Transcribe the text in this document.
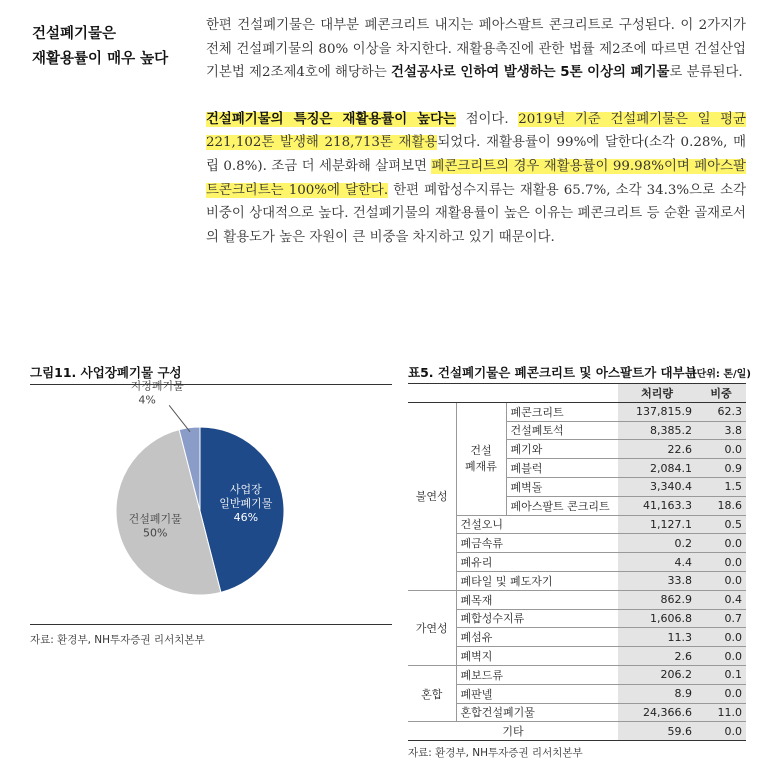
건설폐기물은
재활용률이 매우 높다

한편 건설폐기물은 대부분 폐콘크리트 내지는 페아스팔트 콘크리트로 구성된다. 이 2가지가 전체 건설폐기물의 80% 이상을 차지한다. 재활용촉진에 관한 법률 제2조에 따르면 건설산업기본법 제2조제4호에 해당하는 건설공사로 인하여 발생하는 5톤 이상의 폐기물로 분류된다.

건설폐기물의 특징은 재활용률이 높다는 점이다. 2019년 기준 건설폐기물은 일 평균 221,102톤 발생해 218,713톤 재활용되었다. 재활용률이 99%에 달한다(소각 0.28%, 매립 0.8%). 조금 더 세분화해 살펴보면 폐콘크리트의 경우 재활용률이 99.98%이며 페아스팔트콘크리트는 100%에 달한다. 한편 폐합성수지류는 재활용 65.7%, 소각 34.3%으로 소각 비중이 상대적으로 높다. 건설폐기물의 재활용률이 높은 이유는 폐콘크리트 등 순환 골재로서의 활용도가 높은 자원이 큰 비중을 차지하고 있기 때문이다.

그림11. 사업장폐기물 구성
사업장
일반폐기물
46%
건설폐기물
50%
지정폐기물
4%
자료: 환경부, NH투자증권 리서치본부
표5. 건설폐기물은 폐콘크리트 및 아스팔트가 대부분
(단위: 톤/일)
			처리량	비중
불연성	건설
폐재류	폐콘크리트	137,815.9	62.3
		건설폐토석	8,385.2	3.8
		폐기와	22.6	0.0
		폐블럭	2,084.1	0.9
		폐벽돌	3,340.4	1.5
		페아스팔트 콘크리트	41,163.3	18.6
	건설오니		1,127.1	0.5
	폐금속류		0.2	0.0
	폐유리		4.4	0.0
	폐타일 및 폐도자기		33.8	0.0
가연성	폐목재		862.9	0.4
	폐합성수지류		1,606.8	0.7
	폐섬유		11.3	0.0
	폐벽지		2.6	0.0
혼합	폐보드류		206.2	0.1
	폐판넬		8.9	0.0
	혼합건설폐기물		24,366.6	11.0
기타			59.6	0.0
자료: 환경부, NH투자증권 리서치본부
